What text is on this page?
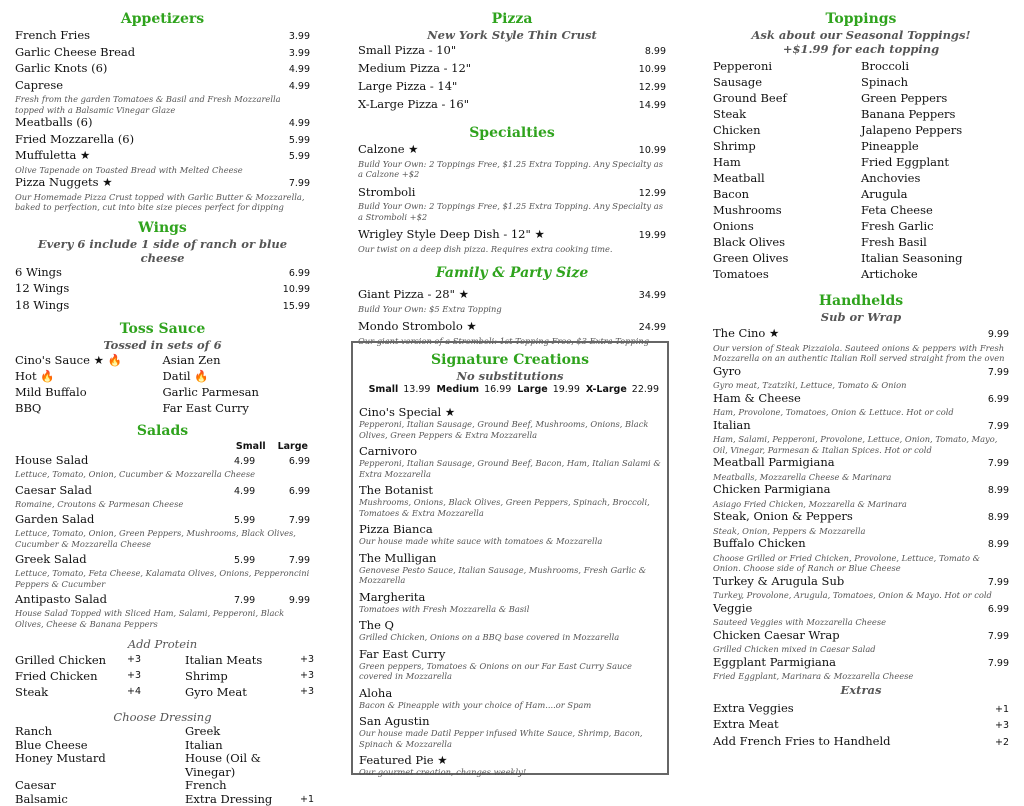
Appetizers
French Fries	3.99
Garlic Cheese Bread	3.99
Garlic Knots (6)	4.99
Caprese	4.99
Fresh from the garden Tomatoes & Basil and Fresh Mozzarella topped with a Balsamic Vinegar Glaze
Meatballs (6)	4.99
Fried Mozzarella (6)	5.99
Muffuletta ★	5.99
Olive Tapenade on Toasted Bread with Melted Cheese
Pizza Nuggets ★	7.99
Our Homemade Pizza Crust topped with Garlic Butter & Mozzarella, baked to perfection, cut into bite size pieces perfect for dipping
Wings
Every 6 include 1 side of ranch or blue cheese
6 Wings	6.99
12 Wings	10.99
18 Wings	15.99
Toss Sauce
Tossed in sets of 6
Cino's Sauce ★ 🔥	Asian Zen
Hot 🔥	Datil 🔥
Mild Buffalo	Garlic Parmesan
BBQ	Far East Curry
Salads
Small Large
House Salad	4.99	6.99
Lettuce, Tomato, Onion, Cucumber & Mozzarella Cheese
Caesar Salad	4.99	6.99
Romaine, Croutons & Parmesan Cheese
Garden Salad	5.99	7.99
Lettuce, Tomato, Onion, Green Peppers, Mushrooms, Black Olives, Cucumber & Mozzarella Cheese
Greek Salad	5.99	7.99
Lettuce, Tomato, Feta Cheese, Kalamata Olives, Onions, Pepperoncini Peppers & Cucumber
Antipasto Salad	7.99	9.99
House Salad Topped with Sliced Ham, Salami, Pepperoni, Black Olives, Cheese & Banana Peppers
Add Protein
Grilled Chicken	+3	Italian Meats	+3
Fried Chicken	+3	Shrimp	+3
Steak	+4	Gyro Meat	+3
Choose Dressing
Ranch	Greek
Blue Cheese	Italian
Honey Mustard	House (Oil & Vinegar)
Caesar	French
Balsamic	Extra Dressing	+1
Pizza
New York Style Thin Crust
Small Pizza - 10"	8.99
Medium Pizza - 12"	10.99
Large Pizza - 14"	12.99
X-Large Pizza - 16"	14.99
Specialties
Calzone ★	10.99
Build Your Own: 2 Toppings Free, $1.25 Extra Topping. Any Specialty as a Calzone +$2
Stromboli	12.99
Build Your Own: 2 Toppings Free, $1.25 Extra Topping. Any Specialty as a Stromboli +$2
Wrigley Style Deep Dish - 12" ★	19.99
Our twist on a deep dish pizza. Requires extra cooking time.
Family & Party Size
Giant Pizza - 28" ★	34.99
Build Your Own: $5 Extra Topping
Mondo Strombolo ★	24.99
Our giant version of a Stromboli: 1st Topping Free, $3 Extra Topping
Signature Creations
No substitutions
Small 13.99 Medium 16.99 Large 19.99 X-Large 22.99
Cino's Special ★
Pepperoni, Italian Sausage, Ground Beef, Mushrooms, Onions, Black Olives, Green Peppers & Extra Mozzarella
Carnivoro
Pepperoni, Italian Sausage, Ground Beef, Bacon, Ham, Italian Salami & Extra Mozzarella
The Botanist
Mushrooms, Onions, Black Olives, Green Peppers, Spinach, Broccoli, Tomatoes & Extra Mozzarella
Pizza Bianca
Our house made white sauce with tomatoes & Mozzarella
The Mulligan
Genovese Pesto Sauce, Italian Sausage, Mushrooms, Fresh Garlic & Mozzarella
Margherita
Tomatoes with Fresh Mozzarella & Basil
The Q
Grilled Chicken, Onions on a BBQ base covered in Mozzarella
Far East Curry
Green peppers, Tomatoes & Onions on our Far East Curry Sauce covered in Mozzarella
Aloha
Bacon & Pineapple with your choice of Ham....or Spam
San Agustin
Our house made Datil Pepper infused White Sauce, Shrimp, Bacon, Spinach & Mozzarella
Featured Pie ★
Our gourmet creation, changes weekly!
Toppings
Ask about our Seasonal Toppings!
+$1.99 for each topping
Pepperoni	Broccoli
Sausage	Spinach
Ground Beef	Green Peppers
Steak	Banana Peppers
Chicken	Jalapeno Peppers
Shrimp	Pineapple
Ham	Fried Eggplant
Meatball	Anchovies
Bacon	Arugula
Mushrooms	Feta Cheese
Onions	Fresh Garlic
Black Olives	Fresh Basil
Green Olives	Italian Seasoning
Tomatoes	Artichoke
Handhelds
Sub or Wrap
The Cino ★	9.99
Our version of Steak Pizzaiola. Sauteed onions & peppers with Fresh Mozzarella on an authentic Italian Roll served straight from the oven
Gyro	7.99
Gyro meat, Tzatziki, Lettuce, Tomato & Onion
Ham & Cheese	6.99
Ham, Provolone, Tomatoes, Onion & Lettuce. Hot or cold
Italian	7.99
Ham, Salami, Pepperoni, Provolone, Lettuce, Onion, Tomato, Mayo, Oil, Vinegar, Parmesan & Italian Spices. Hot or cold
Meatball Parmigiana	7.99
Meatballs, Mozzarella Cheese & Marinara
Chicken Parmigiana	8.99
Asiago Fried Chicken, Mozzarella & Marinara
Steak, Onion & Peppers	8.99
Steak, Onion, Peppers & Mozzarella
Buffalo Chicken	8.99
Choose Grilled or Fried Chicken, Provolone, Lettuce, Tomato & Onion. Choose side of Ranch or Blue Cheese
Turkey & Arugula Sub	7.99
Turkey, Provolone, Arugula, Tomatoes, Onion & Mayo. Hot or cold
Veggie	6.99
Sauteed Veggies with Mozzarella Cheese
Chicken Caesar Wrap	7.99
Grilled Chicken mixed in Caesar Salad
Eggplant Parmigiana	7.99
Fried Eggplant, Marinara & Mozzarella Cheese
Extras
Extra Veggies	+1
Extra Meat	+3
Add French Fries to Handheld	+2
